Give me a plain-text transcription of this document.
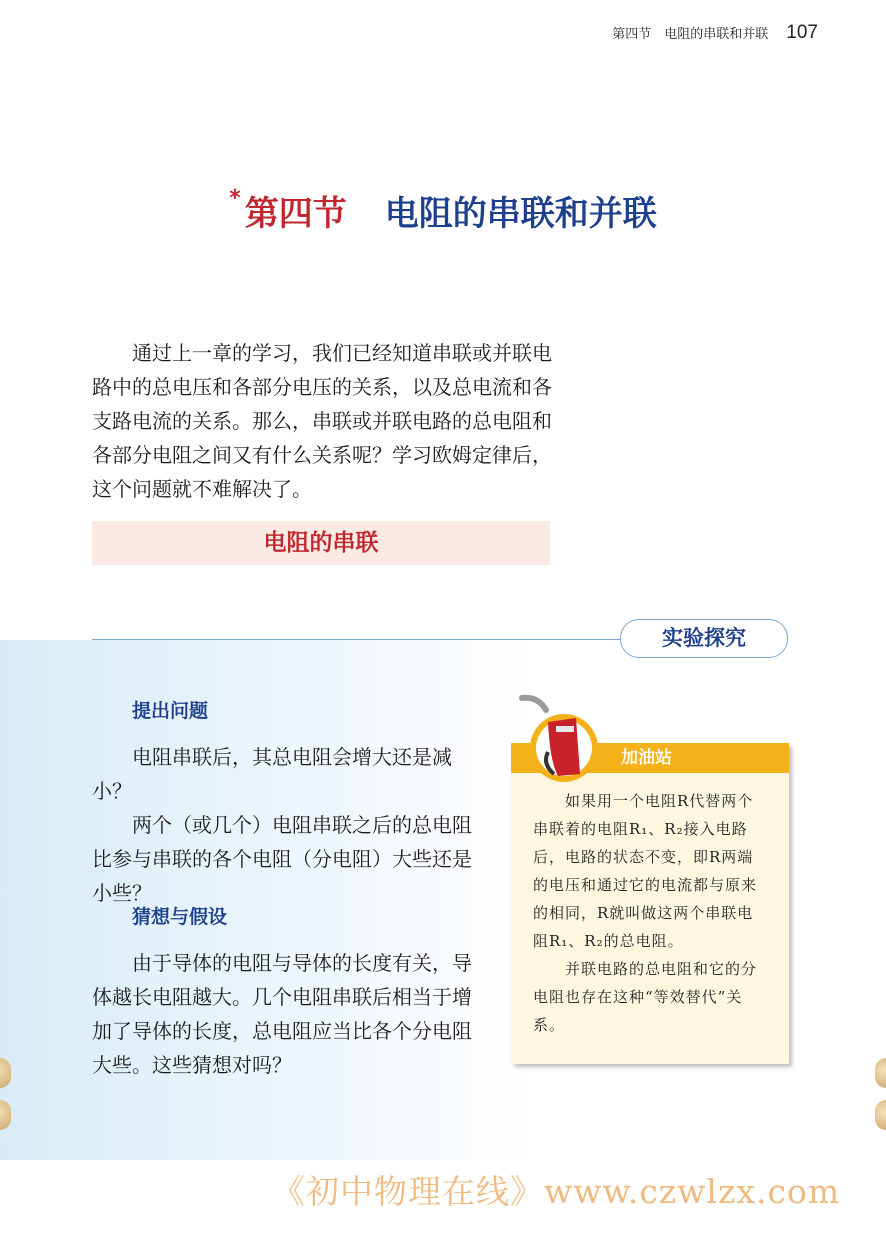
第四节　电阻的串联和并联 107
* 第四节 电阻的串联和并联
通过上一章的学习，我们已经知道串联或并联电路中的总电压和各部分电压的关系，以及总电流和各支路电流的关系。那么，串联或并联电路的总电阻和各部分电阻之间又有什么关系呢？学习欧姆定律后，这个问题就不难解决了。
电阻的串联
实验探究
提出问题

电阻串联后，其总电阻会增大还是减小？

两个（或几个）电阻串联之后的总电阻比参与串联的各个电阻（分电阻）大些还是小些？

猜想与假设

由于导体的电阻与导体的长度有关，导体越长电阻越大。几个电阻串联后相当于增加了导体的长度，总电阻应当比各个分电阻大些。这些猜想对吗？

加油站

如果用一个电阻R代替两个串联着的电阻R₁、R₂接入电路后，电路的状态不变，即R两端的电压和通过它的电流都与原来的相同，R就叫做这两个串联电阻R₁、R₂的总电阻。

并联电路的总电阻和它的分电阻也存在这种“等效替代”关系。

《初中物理在线》www.czwlzx.com
